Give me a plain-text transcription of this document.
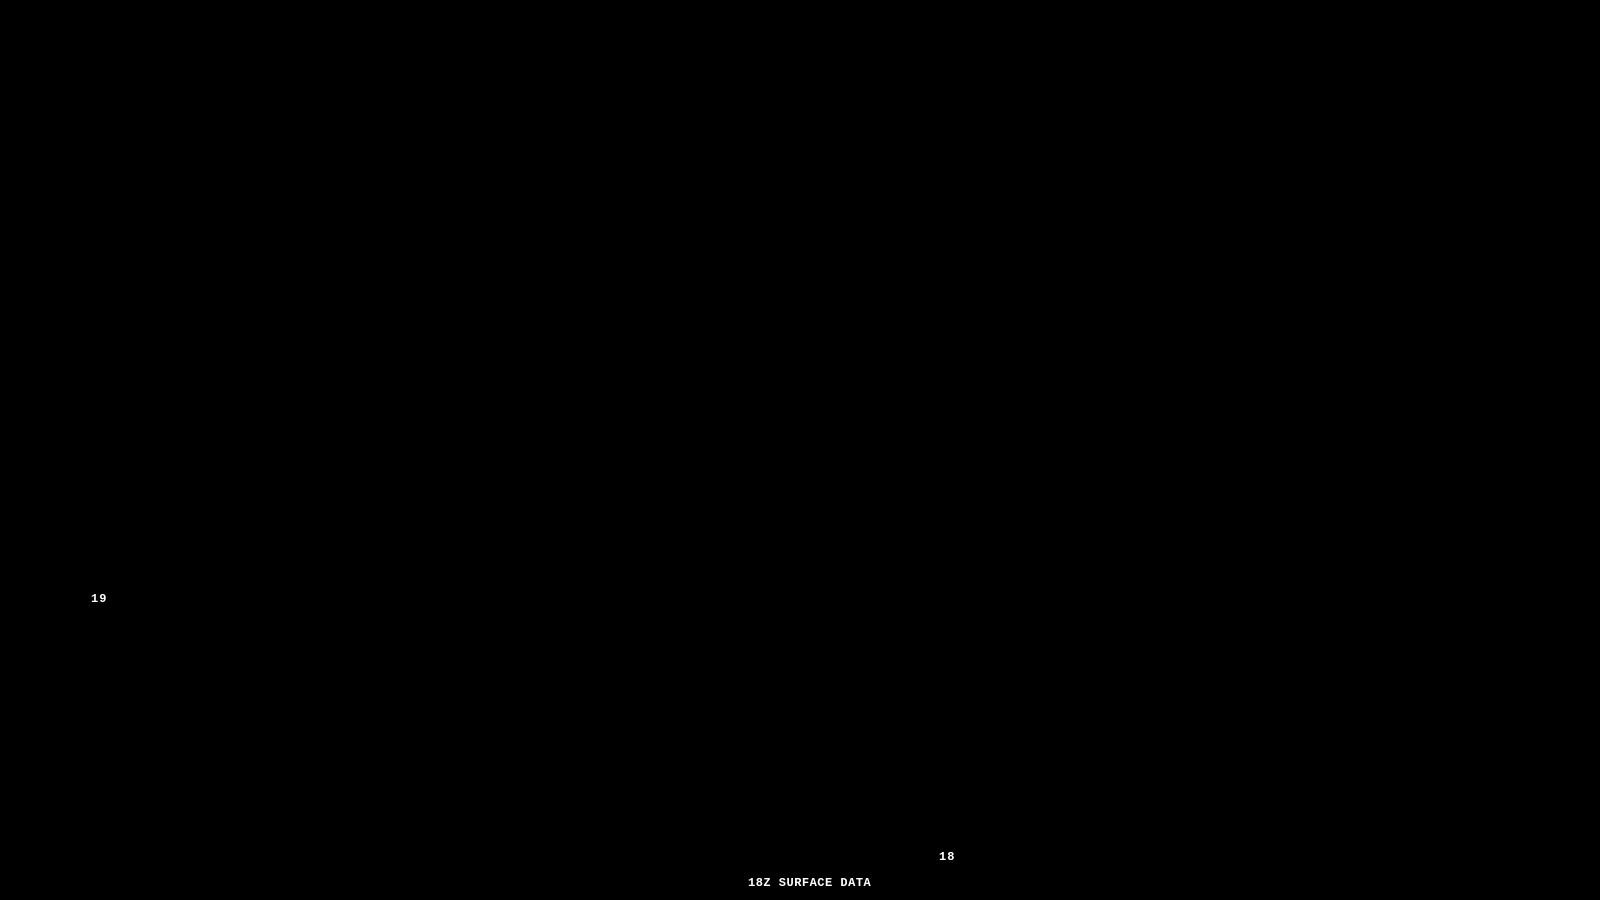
19
18
18Z SURFACE DATA
